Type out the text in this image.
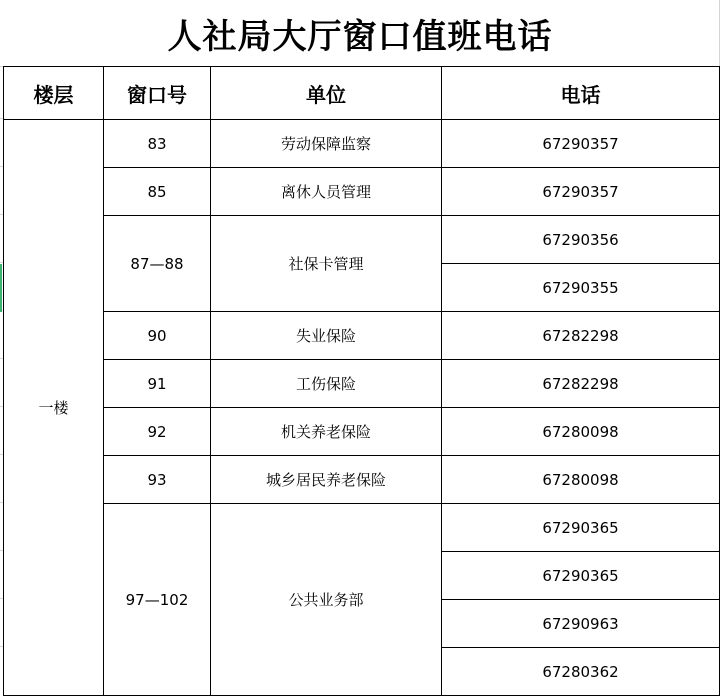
人社局大厅窗口值班电话
楼层	窗口号	单位	电话
一楼	83	劳动保障监察	67290357
	85	离休人员管理	67290357
	87—88	社保卡管理	67290356
			67290355
	90	失业保险	67282298
	91	工伤保险	67282298
	92	机关养老保险	67280098
	93	城乡居民养老保险	67280098
	97—102	公共业务部	67290365
			67290365
			67290963
			67280362
